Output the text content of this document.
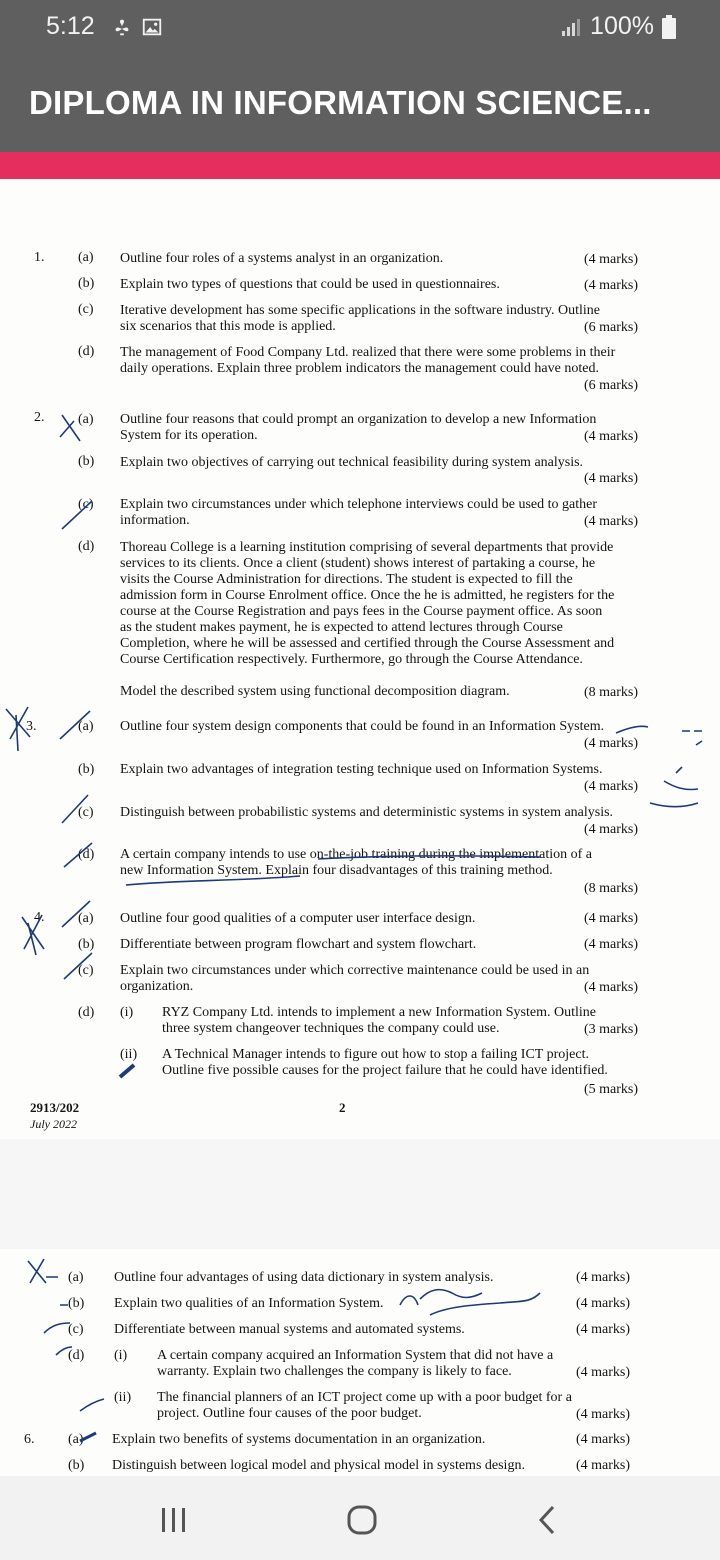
5:12	100%
DIPLOMA IN INFORMATION SCIENCE...
1. (a) Outline four roles of a systems analyst in an organization.	(4 marks)
(b) Explain two types of questions that could be used in questionnaires.	(4 marks)
(c) Iterative development has some specific applications in the software industry. Outline
six scenarios that this mode is applied.	(6 marks)
(d) The management of Food Company Ltd. realized that there were some problems in their
daily operations. Explain three problem indicators the management could have noted.
(6 marks)
2. (a) Outline four reasons that could prompt an organization to develop a new Information
System for its operation.	(4 marks)
(b) Explain two objectives of carrying out technical feasibility during system analysis.
(4 marks)
(c) Explain two circumstances under which telephone interviews could be used to gather
information.	(4 marks)
(d) Thoreau College is a learning institution comprising of several departments that provide
services to its clients. Once a client (student) shows interest of partaking a course, he
visits the Course Administration for directions. The student is expected to fill the
admission form in Course Enrolment office. Once the he is admitted, he registers for the
course at the Course Registration and pays fees in the Course payment office. As soon
as the student makes payment, he is expected to attend lectures through Course
Completion, where he will be assessed and certified through the Course Assessment and
Course Certification respectively. Furthermore, go through the Course Attendance.
Model the described system using functional decomposition diagram.	(8 marks)
3.	(a) Outline four system design components that could be found in an Information System.
(4 marks)
(b) Explain two advantages of integration testing technique used on Information Systems.
(4 marks)
(c) Distinguish between probabilistic systems and deterministic systems in system analysis.
(4 marks)
(d) A certain company intends to use on-the-job training during the implementation of a
new Information System. Explain four disadvantages of this training method.
(8 marks)
4. (a) Outline four good qualities of a computer user interface design.	(4 marks)
(b) Differentiate between program flowchart and system flowchart.	(4 marks)
(c) Explain two circumstances under which corrective maintenance could be used in an
organization.	(4 marks)
(d) (i) RYZ Company Ltd. intends to implement a new Information System. Outline
three system changeover techniques the company could use.	(3 marks)
(ii) A Technical Manager intends to figure out how to stop a failing ICT project.
Outline five possible causes for the project failure that he could have identified.
(5 marks)
2913/202
July 2022
2
(a) Outline four advantages of using data dictionary in system analysis.	(4 marks)
(b) Explain two qualities of an Information System.	(4 marks)
(c) Differentiate between manual systems and automated systems.	(4 marks)
(d) (i) A certain company acquired an Information System that did not have a
warranty. Explain two challenges the company is likely to face.	(4 marks)
(ii) The financial planners of an ICT project come up with a poor budget for a
project. Outline four causes of the poor budget.	(4 marks)
6. (a) Explain two benefits of systems documentation in an organization.	(4 marks)
(b) Distinguish between logical model and physical model in systems design.	(4 marks)
